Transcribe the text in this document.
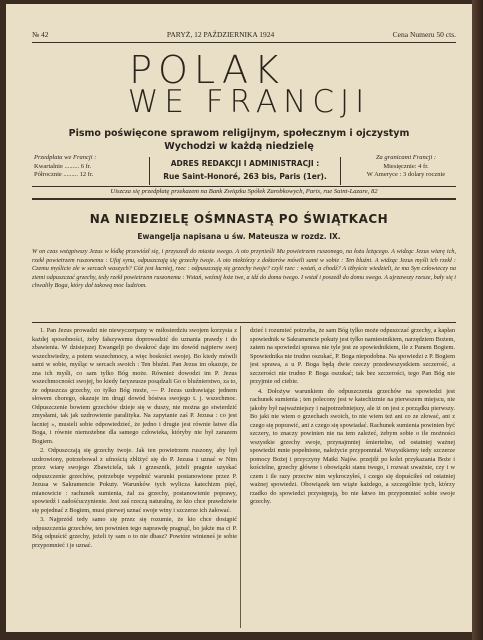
№ 42	PARYŻ, 12 PAŹDZIERNIKA 1924	Cena Numeru 50 cts.
POLAK
WE FRANCJI
Pismo poświęcone sprawom religijnym, społecznym i ojczystym
Wychodzi w każdą niedzielę
Przedpłata we Francji :
Kwartalnie ......... 6 fr.
Półrocznie ......... 12 fr.
ADRES REDAKCJI I ADMINISTRACJI :
Rue Saint-Honoré, 263 bis, Paris (1er).
Za granicami Francji :
Miesięcznie: 4 fr.
W Ameryce : 3 dolary rocznie
Uiszcza się przedpłatę przekazem na Bank Związku Spółek Zarobkowych, Paris, rue Saint-Lazare, 82
NA NIEDZIELĘ OŚMNASTĄ PO ŚWIĄTKACH
Ewangelja napisana u św. Mateusza w rozdz. IX.
W on czas wstąpiwszy Jezus w łódkę przewiózł się, i przyszedł do miasta swego. A oto przynieśli Mu powietrzem ruszonego, na łożu leżącego. A widząc Jezus wiarę ich, rzekł powietrzem ruszonemu : Ufaj synu, odpuszczają się grzechy twoje. A oto niektórzy z doktorów mówili sami w sobie : Ten bluźni. A widząc Jezus myśli ich rzekł : Czemu myślicie złe w sercach waszych? Cóż jest łacniej, rzec : odpuszczają się grzechy twoje? czyli rzec : wstań, a chodź? A iżbyście wiedzieli, że ma Syn człowieczy na ziemi odpuszczać grzechy, tedy rzekł powietrzem ruszonemu : Wstań, weźmij łoże twe, a idź do domu twego. I wstał i poszedł do domu swego. A ujrzawszy rzesze, bały się i chwaliły Boga, który dał takową moc ludziom.

1. Pan Jezus prowadzi nie niewyczerpany w miłosierdziu swojem korzysta z każdej sposobności, żeby fałszywemu doprowadzić do uznania prawdy i do zbawienia. W dzisiejszej Ewangelji po dwakroć daje im dowód najpierw swej wszechwiedzy, a potem wszechmocy, a więc boskości swojej. Bo kiedy mówili sami w sobie, myśląc w sercach swoich : Ten bluźni. Pan Jezus im okazuje, że zna ich myśli, co sam tylko Bóg może. Również dowodzi im P. Jezus wszechmocności swojej, bo kiedy faryzeusze posądzali Go o bluźnierstwo, za to, że odpuszcza grzechy, co tylko Bóg może, — P. Jezus uzdrawiając jednem słowem chorego, okazuje im drugi dowód bóstwa swojego t. j. wszechmoc. Odpuszczenie bowiem grzechów dzieje się w duszy, nie można go stwierdzić zmysłami, tak jak uzdrowienie paralityka. Na zapytanie zaś P. Jezusa : co jest łacniej », musieli sobie odpowiedzieć, że jedno i drugie jest równie łatwe dla Boga, i równie niemożebne dla samego człowieka, któryby nie był zarazem Bogiem.

2. Odpuszczają się grzechy twoje. Jak ten powietrzem ruszony, aby był uzdrowiony, potrzebował z ufnością zbliżyć się do P. Jezusa i uznać w Nim przez wiarę swojego Zbawiciela, tak i grzesznik, jeżeli pragnie uzyskać odpuszczenie grzechów, potrzebuje wypełnić warunki postanowione przez P. Jezusa w Sakramencie Pokuty. Warunków tych wylicza katechizm pięć, mianowicie : rachunek sumienia, żal za grzechy, postanowienie poprawy, spowiedź i zadośćuczynienie. Jest zaś rzeczą naturalną, że kto chce prawdziwie się pojednać z Bogiem, musi pierwej uznać swoje winy i szczerze ich żałować.

3. Najprzód tedy samo się przez się rozumie, że kto chce dostąpić odpuszczenia grzechów, ten powinien tego naprawdę pragnąć, bo jakże ma ci P. Bóg odpuścić grzechy, jeżeli ty sam o to nie dbasz? Powtóre winieneś je sobie przypomnieć i je uznać.

dzieć i rozumieć potrzeba, że sam Bóg tylko może odpuszczać grzechy, a kapłan spowiednik w Sakramencie pokuty jest tylko namiestnikiem, narzędziem Bożem, zatem na spowiedzi sprawa nie tyle jest ze spowiednikiem, ile z Panem Bogiem. Spowiednika nie trudno oszukać, P. Boga niepodobna. Na spowiedzi z P. Bogiem jest sprawa, a u P. Boga będą dwie rzeczy przedewszystkiem szczerość, a szczerości nie trudno P. Boga oszukać; tak bez szczerości, tego Pan Bóg nie przyjmie od ciebie.

4. Dołożyw warunkiem do odpuszczenia grzechów na spowiedzi jest rachunek sumienia ; ten polecony jest w katechizmie na pierwszem miejscu, nie jakoby był najważniejszy i najpotrzebniejszy, ale iż on jest z porządku pierwszy. Bo jaki nie wiem o grzechach swoich, to nie wiem też ani co ze złować, ani z czego się poprawić, ani z czego się spowiadać. Rachunek sumienia powinien być szczery, to znaczy powinien nie na tem zależeć, żebym sobie o ile możności wszystkie grzechy swoje, przynajmniej śmiertelne, od ostatniej ważnej spowiedzi mnie popełnione, należycie przypomniał. Wszystkiemy tedy szczerze pomocy Bożej i przyczyny Matki Najśw. przejdź po kolei przykazania Boże i kościelne, grzechy główne i obowiązki stanu twego, i rozważ uważnie, czy i w czem i ile razy przeciw nim wykroczyłeś, i czego się dopuściłeś od ostatniej ważnej spowiedzi. Obowiązek ten wiąże każdego, a szczególnie tych, którzy rzadko do spowiedzi przystępują, bo nie łatwo im przypomnieć sobie swoje grzechy.
